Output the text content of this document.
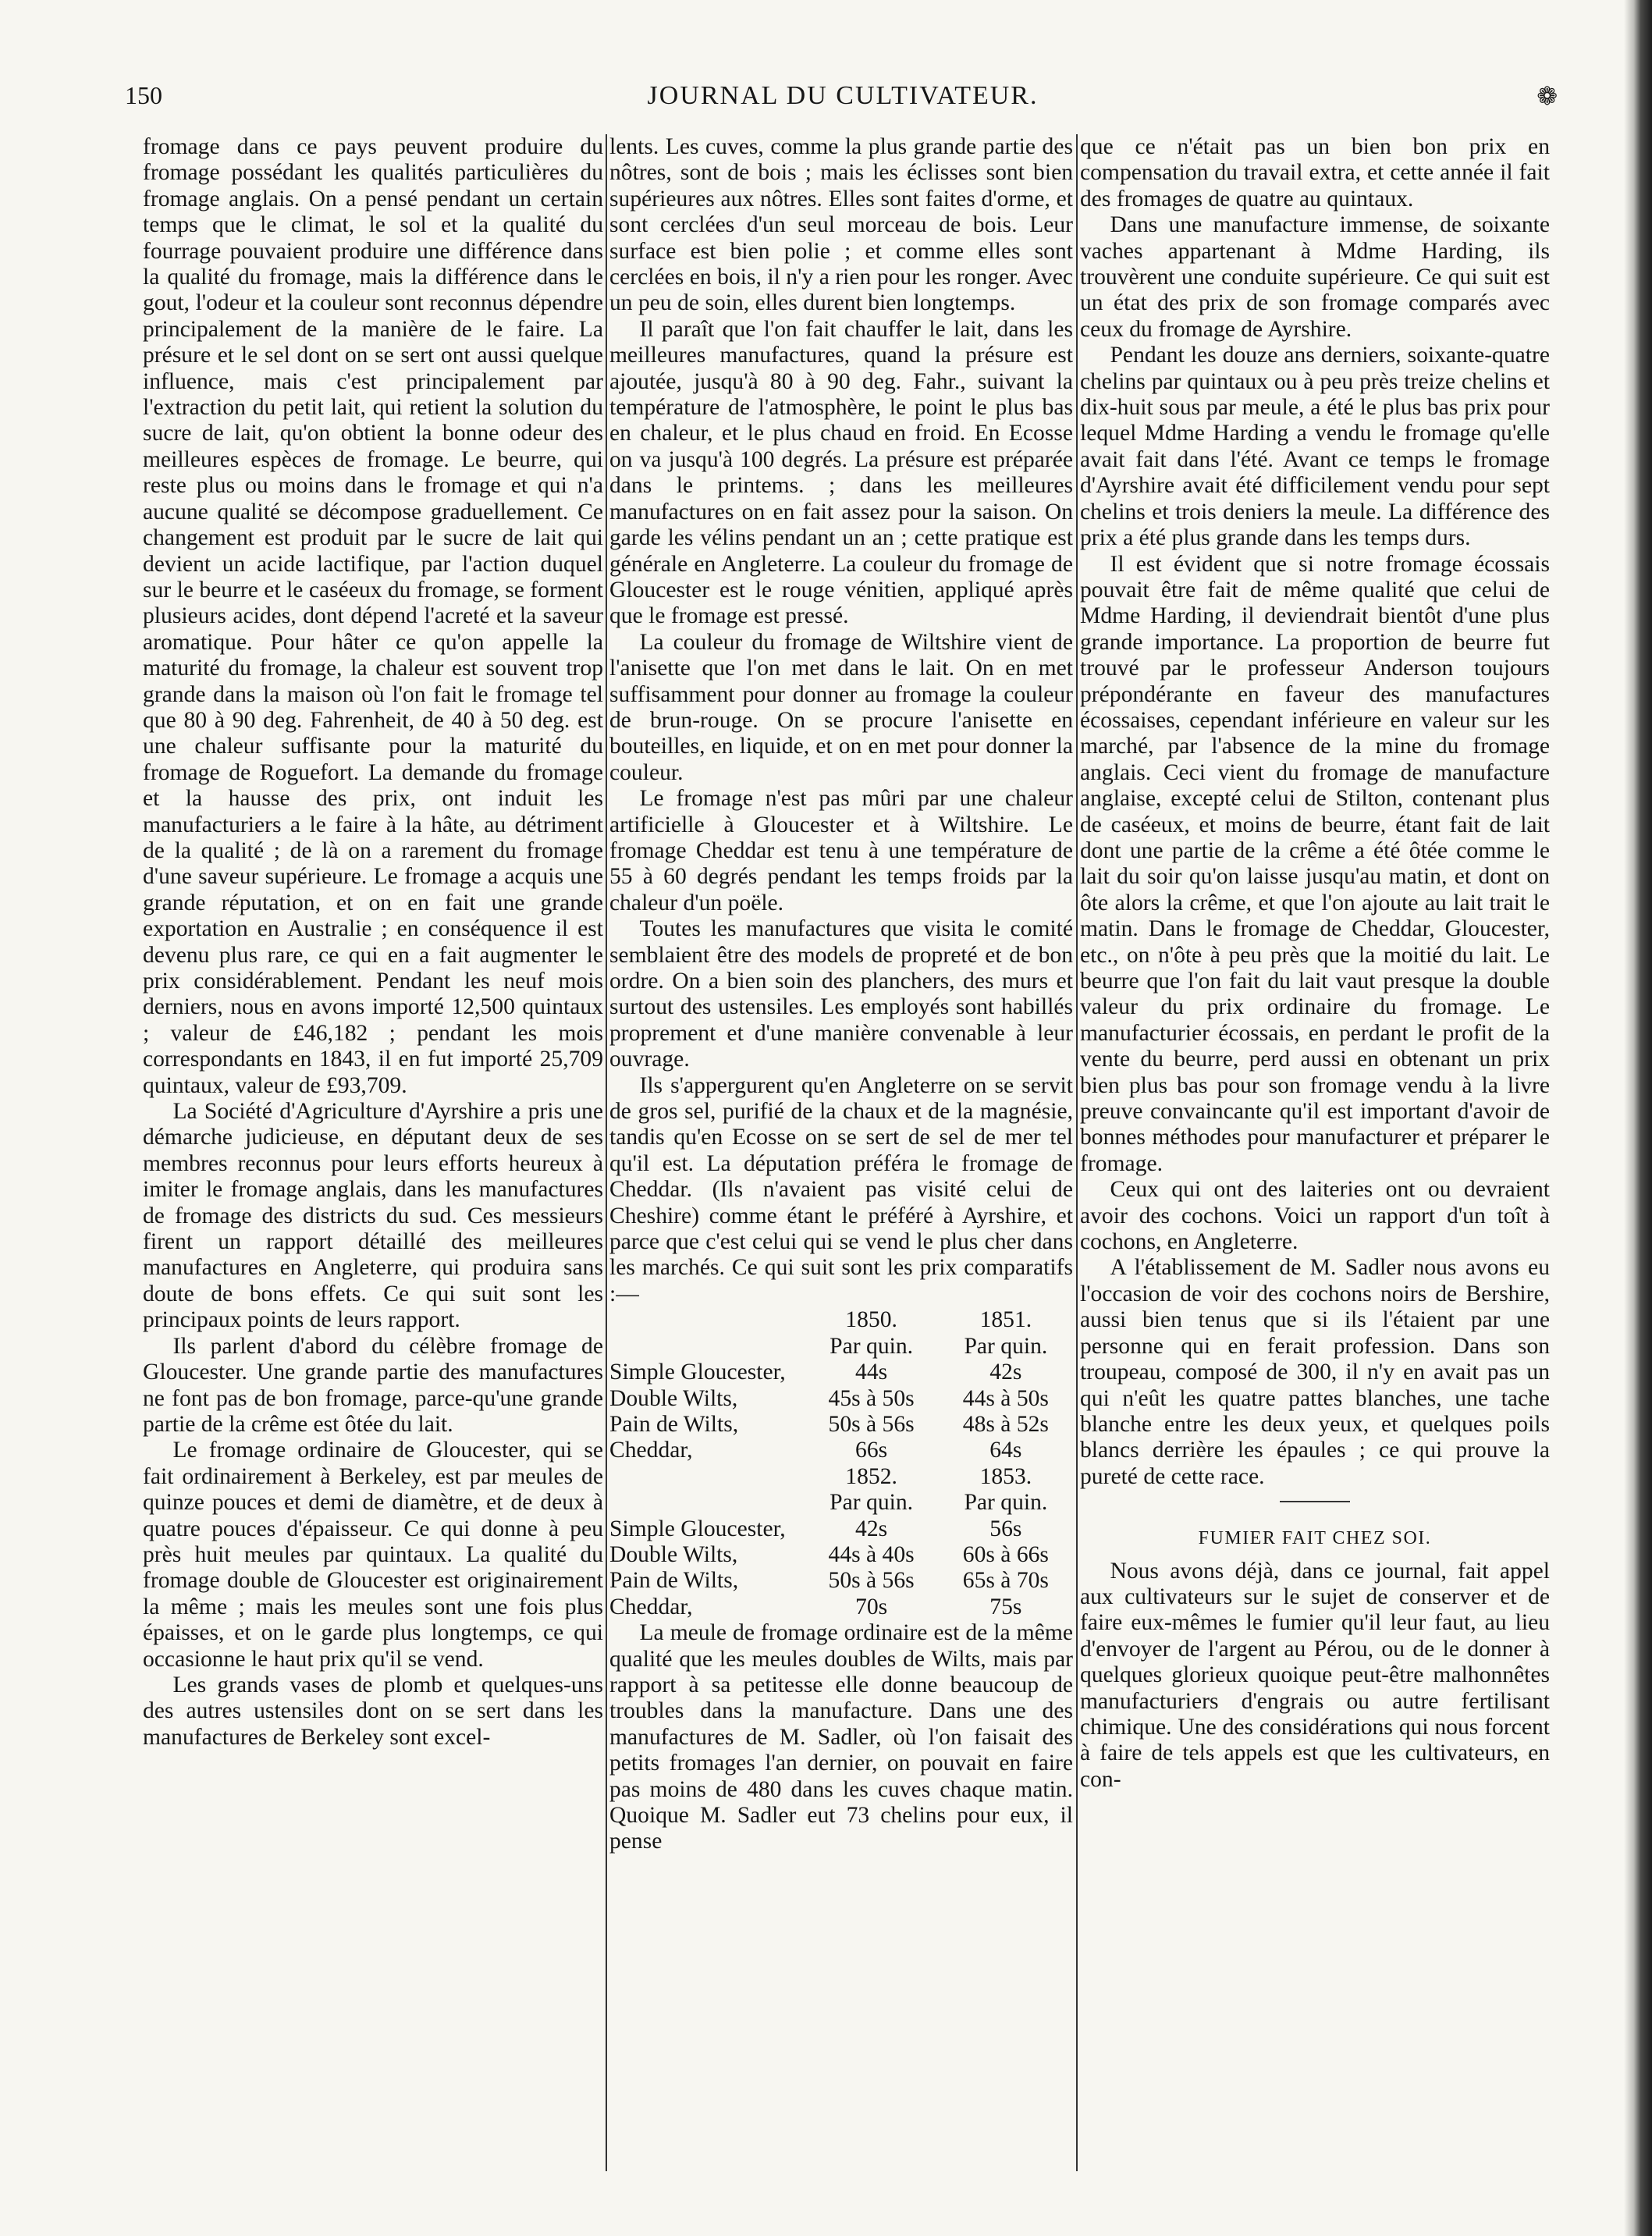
150	JOURNAL DU CULTIVATEUR.	❁

fromage dans ce pays peuvent produire du fromage possédant les qualités particulières du fromage anglais. On a pensé pendant un certain temps que le climat, le sol et la qualité du fourrage pouvaient produire une différence dans la qualité du fromage, mais la différence dans le gout, l'odeur et la couleur sont reconnus dépendre principalement de la manière de le faire. La présure et le sel dont on se sert ont aussi quelque influence, mais c'est principalement par l'extraction du petit lait, qui retient la solution du sucre de lait, qu'on obtient la bonne odeur des meilleures espèces de fromage. Le beurre, qui reste plus ou moins dans le fromage et qui n'a aucune qualité se décompose graduellement. Ce changement est produit par le sucre de lait qui devient un acide lactifique, par l'action duquel sur le beurre et le caséeux du fromage, se forment plusieurs acides, dont dépend l'acreté et la saveur aromatique. Pour hâter ce qu'on appelle la maturité du fromage, la chaleur est souvent trop grande dans la maison où l'on fait le fromage tel que 80 à 90 deg. Fahrenheit, de 40 à 50 deg. est une chaleur suffisante pour la maturité du fromage de Roguefort. La demande du fromage et la hausse des prix, ont induit les manufacturiers a le faire à la hâte, au détriment de la qualité ; de là on a rarement du fromage d'une saveur supérieure. Le fromage a acquis une grande réputation, et on en fait une grande exportation en Australie ; en conséquence il est devenu plus rare, ce qui en a fait augmenter le prix considérablement. Pendant les neuf mois derniers, nous en avons importé 12,500 quintaux ; valeur de £46,182 ; pendant les mois correspondants en 1843, il en fut importé 25,709 quintaux, valeur de £93,709.

La Société d'Agriculture d'Ayrshire a pris une démarche judicieuse, en députant deux de ses membres reconnus pour leurs efforts heureux à imiter le fromage anglais, dans les manufactures de fromage des districts du sud. Ces messieurs firent un rapport détaillé des meilleures manufactures en Angleterre, qui produira sans doute de bons effets. Ce qui suit sont les principaux points de leurs rapport.

Ils parlent d'abord du célèbre fromage de Gloucester. Une grande partie des manufactures ne font pas de bon fromage, parce-qu'une grande partie de la crême est ôtée du lait.

Le fromage ordinaire de Gloucester, qui se fait ordinairement à Berkeley, est par meules de quinze pouces et demi de diamètre, et de deux à quatre pouces d'épaisseur. Ce qui donne à peu près huit meules par quintaux. La qualité du fromage double de Gloucester est originairement la même ; mais les meules sont une fois plus épaisses, et on le garde plus longtemps, ce qui occasionne le haut prix qu'il se vend.

Les grands vases de plomb et quelques-uns des autres ustensiles dont on se sert dans les manufactures de Berkeley sont excel-

lents. Les cuves, comme la plus grande partie des nôtres, sont de bois ; mais les éclisses sont bien supérieures aux nôtres. Elles sont faites d'orme, et sont cerclées d'un seul morceau de bois. Leur surface est bien polie ; et comme elles sont cerclées en bois, il n'y a rien pour les ronger. Avec un peu de soin, elles durent bien longtemps.

Il paraît que l'on fait chauffer le lait, dans les meilleures manufactures, quand la présure est ajoutée, jusqu'à 80 à 90 deg. Fahr., suivant la température de l'atmosphère, le point le plus bas en chaleur, et le plus chaud en froid. En Ecosse on va jusqu'à 100 degrés. La présure est préparée dans le printems. ; dans les meilleures manufactures on en fait assez pour la saison. On garde les vélins pendant un an ; cette pratique est générale en Angleterre. La couleur du fromage de Gloucester est le rouge vénitien, appliqué après que le fromage est pressé.

La couleur du fromage de Wiltshire vient de l'anisette que l'on met dans le lait. On en met suffisamment pour donner au fromage la couleur de brun-rouge. On se procure l'anisette en bouteilles, en liquide, et on en met pour donner la couleur.

Le fromage n'est pas mûri par une chaleur artificielle à Gloucester et à Wiltshire. Le fromage Cheddar est tenu à une température de 55 à 60 degrés pendant les temps froids par la chaleur d'un poële.

Toutes les manufactures que visita le comité semblaient être des models de propreté et de bon ordre. On a bien soin des planchers, des murs et surtout des ustensiles. Les employés sont habillés proprement et d'une manière convenable à leur ouvrage.

Ils s'appergurent qu'en Angleterre on se servit de gros sel, purifié de la chaux et de la magnésie, tandis qu'en Ecosse on se sert de sel de mer tel qu'il est. La députation préféra le fromage de Cheddar. (Ils n'avaient pas visité celui de Cheshire) comme étant le préféré à Ayrshire, et parce que c'est celui qui se vend le plus cher dans les marchés. Ce qui suit sont les prix comparatifs :—

	1850.	1851.
	Par quin.	Par quin.
Simple Gloucester,	44s	42s
Double Wilts,	45s à 50s	44s à 50s
Pain de Wilts,	50s à 56s	48s à 52s
Cheddar,	66s	64s
	1852.	1853.
	Par quin.	Par quin.
Simple Gloucester,	42s	56s
Double Wilts,	44s à 40s	60s à 66s
Pain de Wilts,	50s à 56s	65s à 70s
Cheddar,	70s	75s

La meule de fromage ordinaire est de la même qualité que les meules doubles de Wilts, mais par rapport à sa petitesse elle donne beaucoup de troubles dans la manufacture. Dans une des manufactures de M. Sadler, où l'on faisait des petits fromages l'an dernier, on pouvait en faire pas moins de 480 dans les cuves chaque matin. Quoique M. Sadler eut 73 chelins pour eux, il pense

que ce n'était pas un bien bon prix en compensation du travail extra, et cette année il fait des fromages de quatre au quintaux.

Dans une manufacture immense, de soixante vaches appartenant à Mdme Harding, ils trouvèrent une conduite supérieure. Ce qui suit est un état des prix de son fromage comparés avec ceux du fromage de Ayrshire.

Pendant les douze ans derniers, soixante-quatre chelins par quintaux ou à peu près treize chelins et dix-huit sous par meule, a été le plus bas prix pour lequel Mdme Harding a vendu le fromage qu'elle avait fait dans l'été. Avant ce temps le fromage d'Ayrshire avait été difficilement vendu pour sept chelins et trois deniers la meule. La différence des prix a été plus grande dans les temps durs.

Il est évident que si notre fromage écossais pouvait être fait de même qualité que celui de Mdme Harding, il deviendrait bientôt d'une plus grande importance. La proportion de beurre fut trouvé par le professeur Anderson toujours prépondérante en faveur des manufactures écossaises, cependant inférieure en valeur sur les marché, par l'absence de la mine du fromage anglais. Ceci vient du fromage de manufacture anglaise, excepté celui de Stilton, contenant plus de caséeux, et moins de beurre, étant fait de lait dont une partie de la crême a été ôtée comme le lait du soir qu'on laisse jusqu'au matin, et dont on ôte alors la crême, et que l'on ajoute au lait trait le matin. Dans le fromage de Cheddar, Gloucester, etc., on n'ôte à peu près que la moitié du lait. Le beurre que l'on fait du lait vaut presque la double valeur du prix ordinaire du fromage. Le manufacturier écossais, en perdant le profit de la vente du beurre, perd aussi en obtenant un prix bien plus bas pour son fromage vendu à la livre preuve convaincante qu'il est important d'avoir de bonnes méthodes pour manufacturer et préparer le fromage.

Ceux qui ont des laiteries ont ou devraient avoir des cochons. Voici un rapport d'un toît à cochons, en Angleterre.

A l'établissement de M. Sadler nous avons eu l'occasion de voir des cochons noirs de Bershire, aussi bien tenus que si ils l'étaient par une personne qui en ferait profession. Dans son troupeau, composé de 300, il n'y en avait pas un qui n'eût les quatre pattes blanches, une tache blanche entre les deux yeux, et quelques poils blancs derrière les épaules ; ce qui prouve la pureté de cette race.

FUMIER FAIT CHEZ SOI.

Nous avons déjà, dans ce journal, fait appel aux cultivateurs sur le sujet de conserver et de faire eux-mêmes le fumier qu'il leur faut, au lieu d'envoyer de l'argent au Pérou, ou de le donner à quelques glorieux quoique peut-être malhonnêtes manufacturiers d'engrais ou autre fertilisant chimique. Une des considérations qui nous forcent à faire de tels appels est que les cultivateurs, en con-
